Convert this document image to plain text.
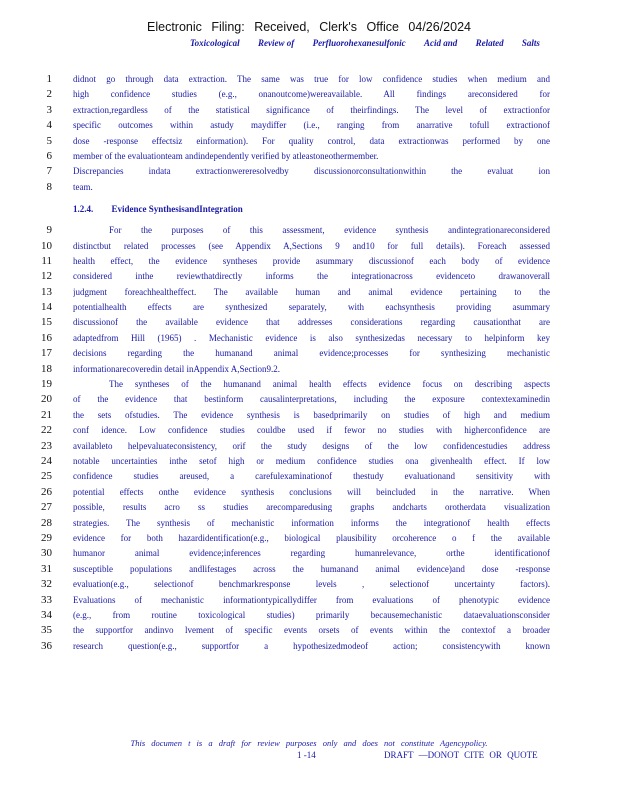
Electronic Filing: Received, Clerk's Office 04/26/2024
Toxicological Review of Perfluorohexanesulfonic Acid and Related Salts
1 didnot go through data extraction. The same was true for low confidence studies when medium and
2 high confidence studies (e.g., onanoutcome)wereavailable. All findings areconsidered for
3 extraction,regardless of the statistical significance of theirfindings. The level of extractionfor
4 specific outcomes within astudy maydiffer (i.e., ranging from anarrative tofull extractionof
5 dose -response effectsiz einformation). For quality control, data extractionwas performed by one
6 member of the evaluationteam andindependently verified by atleastoneothermember.
7 Discrepancies indata extractionwereresolvedby discussionorconsultationwithin the evaluat ion
8 team.
1.2.4. Evidence SynthesisandIntegration
9	For the purposes of this assessment, evidence synthesis andintegrationareconsidered
10 distinctbut related processes (see Appendix A,Sections 9 and10 for full details). Foreach assessed
11 health effect, the evidence syntheses provide asummary discussionof each body of evidence
12 considered inthe reviewthatdirectly informs the integrationacross evidenceto drawanoverall
13 judgment foreachhealtheffect. The available human and animal evidence pertaining to the
14 potentialhealth effects are synthesized separately, with eachsynthesis providing asummary
15 discussionof the available evidence that addresses considerations regarding causationthat are
16 adaptedfrom Hill (1965) . Mechanistic evidence is also synthesizedas necessary to helpinform key
17 decisions regarding the humanand animal evidence;processes for synthesizing mechanistic
18 informationarecoveredin detail inAppendix A,Section9.2.
19	The syntheses of the humanand animal health effects evidence focus on describing aspects
20 of the evidence that bestinform causalinterpretations, including the exposure contextexaminedin
21 the sets ofstudies. The evidence synthesis is basedprimarily on studies of high and medium
22 conf idence. Low confidence studies couldbe used if fewor no studies with higherconfidence are
23 availableto helpevaluateconsistency, orif the study designs of the low confidencestudies address
24 notable uncertainties inthe setof high or medium confidence studies ona givenhealth effect. If low
25 confidence studies areused, a carefulexaminationof thestudy evaluationand sensitivity with
26 potential effects onthe evidence synthesis conclusions will beincluded in the narrative. When
27 possible, results acro ss studies arecomparedusing graphs andcharts orotherdata visualization
28 strategies. The synthesis of mechanistic information informs the integrationof health effects
29 evidence for both hazardidentification(e.g., biological plausibility orcoherence o f the available
30 humanor animal evidence;inferences regarding humanrelevance, orthe identificationof
31 susceptible populations andlifestages across the humanand animal evidence)and dose -response
32 evaluation(e.g., selectionof benchmarkresponse levels , selectionof uncertainty factors).
33 Evaluations of mechanistic informationtypicallydiffer from evaluations of phenotypic evidence
34 (e.g., from routine toxicological studies) primarily becausemechanistic dataevaluationsconsider
35 the supportfor andinvo lvement of specific events orsets of events within the contextof a broader
36 research question(e.g., supportfor a hypothesizedmodeof action; consistencywith known
This documen t is a draft for review purposes only and does not constitute Agencypolicy.
1 -14	DRAFT —DONOT CITE OR QUOTE
